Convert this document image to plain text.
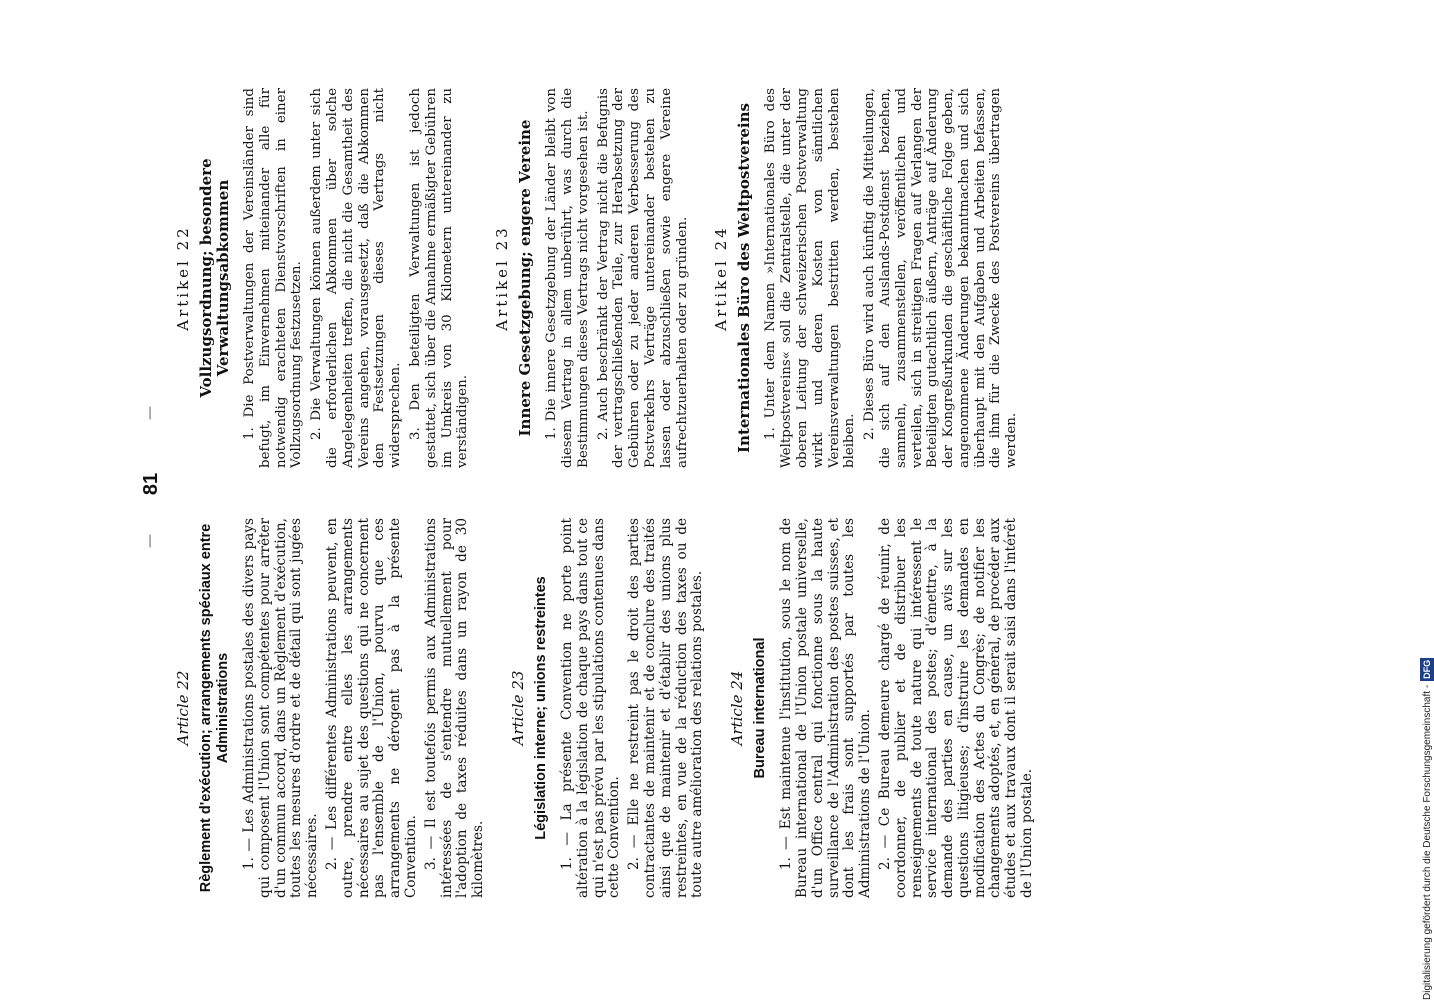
—
81
—
Article 22 Règlement d'exécution; arrangements spéciaux entre Administrations 1. — Les Administrations postales des divers pays qui composent l'Union sont compétentes pour arrêter d'un commun accord, dans un Règlement d'exécution, toutes les mesures d'ordre et de détail qui sont jugées nécessaires. 2. — Les différentes Administrations peuvent, en outre, prendre entre elles les arrangements nécessaires au sujet des questions qui ne concernent pas l'ensemble de l'Union, pourvu que ces arrangements ne dérogent pas à la présente Convention. 3. — Il est toutefois permis aux Administrations intéressées de s'entendre mutuellement pour l'adoption de taxes réduites dans un rayon de 30 kilomètres.

Article 23 Législation interne; unions restreintes 1. — La présente Convention ne porte point altération à la législation de chaque pays dans tout ce qui n'est pas prévu par les stipulations contenues dans cette Convention. 2. — Elle ne restreint pas le droit des parties contractantes de maintenir et de conclure des traités ainsi que de maintenir et d'établir des unions plus restreintes, en vue de la réduction des taxes ou de toute autre amélioration des relations postales. Article 24 Bureau international 1. — Est maintenue l'institution, sous le nom de Bureau international de l'Union postale universelle, d'un Office central qui fonctionne sous la haute surveillance de l'Administration des postes suisses, et dont les frais sont supportés par toutes les Administrations de l'Union. 2. — Ce Bureau demeure chargé de réunir, de coordonner, de publier et de distribuer les renseignements de toute nature qui intéressent le service international des postes; d'émettre, à la demande des parties en cause, un avis sur les questions litigieuses; d'instruire les demandes en modification des Actes du Congrès; de notifier les changements adoptés, et, en général, de procéder aux études et aux travaux dont il serait saisi dans l'intérêt de l'Union postale.

Artikel 22 Vollzugsordnung; besondere Verwaltungsabkommen 1. Die Postverwaltungen der Vereinsländer sind befugt, im Einvernehmen miteinander alle für notwendig erachteten Dienstvorschriften in einer Vollzugsordnung festzusetzen. 2. Die Verwaltungen können außerdem unter sich die erforderlichen Abkommen über solche Angelegenheiten treffen, die nicht die Gesamtheit des Vereins angehen, vorausgesetzt, daß die Abkommen den Festsetzungen dieses Vertrags nicht widersprechen. 3. Den beteiligten Verwaltungen ist jedoch gestattet, sich über die Annahme ermäßigter Gebühren im Umkreis von 30 Kilometern untereinander zu verständigen.

Artikel 23 Innere Gesetzgebung; engere Vereine 1. Die innere Gesetzgebung der Länder bleibt von diesem Vertrag in allem unberührt, was durch die Bestimmungen dieses Vertrags nicht vorgesehen ist. 2. Auch beschränkt der Vertrag nicht die Befugnis der vertragschließenden Teile, zur Herabsetzung der Gebühren oder zu jeder anderen Verbesserung des Postverkehrs Verträge untereinander bestehen zu lassen oder abzuschließen sowie engere Vereine aufrechtzuerhalten oder zu gründen. Artikel 24 Internationales Büro des Weltpostvereins 1. Unter dem Namen »Internationales Büro des Weltpostvereins« soll die Zentralstelle, die unter der oberen Leitung der schweizerischen Postverwaltung wirkt und deren Kosten von sämtlichen Vereinsverwaltungen bestritten werden, bestehen bleiben.

2. Dieses Büro wird auch künftig die Mitteilungen, die sich auf den Auslands-Postdienst beziehen, sammeln, zusammenstellen, veröffentlichen und verteilen, sich in streitigen Fragen auf Verlangen der Beteiligten gutachtlich äußern, Anträge auf Änderung der Kongreßurkunden die geschäftliche Folge geben, angenommene Änderungen bekanntmachen und sich überhaupt mit den Aufgaben und Arbeiten befassen, die ihm für die Zwecke des Postvereins übertragen werden.

Digitalisierung gefördert durch die Deutsche Forschungsgemeinschaft -DFG
